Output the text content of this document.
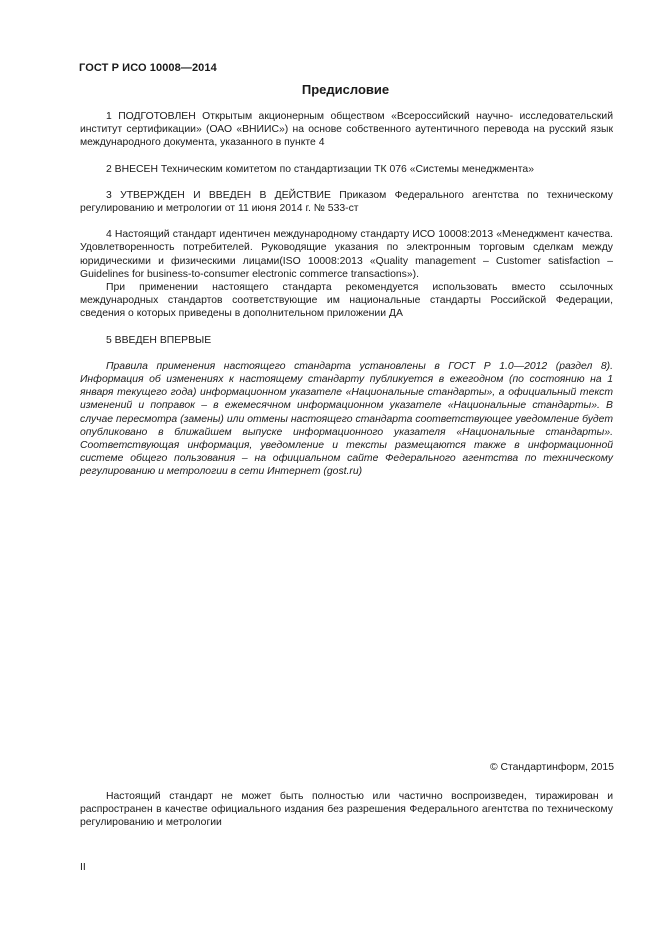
ГОСТ Р ИСО 10008—2014
Предисловие

1 ПОДГОТОВЛЕН Открытым акционерным обществом «Всероссийский научно- исследовательский институт сертификации» (ОАО «ВНИИС») на основе собственного аутентичного перевода на русский язык международного документа, указанного в пункте 4

2 ВНЕСЕН Техническим комитетом по стандартизации ТК 076 «Системы менеджмента»

3 УТВЕРЖДЕН И ВВЕДЕН В ДЕЙСТВИЕ Приказом Федерального агентства по техническому регулированию и метрологии от 11 июня 2014 г. № 533-ст

4 Настоящий стандарт идентичен международному стандарту ИСО 10008:2013 «Менеджмент качества. Удовлетворенность потребителей. Руководящие указания по электронным торговым сделкам между юридическими и физическими лицами(ISO 10008:2013 «Quality management – Customer satisfaction – Guidelines for business-to-consumer electronic commerce transactions»).

При применении настоящего стандарта рекомендуется использовать вместо ссылочных международных стандартов соответствующие им национальные стандарты Российской Федерации, сведения о которых приведены в дополнительном приложении ДА

5 ВВЕДЕН ВПЕРВЫЕ

Правила применения настоящего стандарта установлены в ГОСТ Р 1.0—2012 (раздел 8). Информация об изменениях к настоящему стандарту публикуется в ежегодном (по состоянию на 1 января текущего года) информационном указателе «Национальные стандарты», а официальный текст изменений и поправок – в ежемесячном информационном указателе «Национальные стандарты». В случае пересмотра (замены) или отмены настоящего стандарта соответствующее уведомление будет опубликовано в ближайшем выпуске информационного указателя «Национальные стандарты». Соответствующая информация, уведомление и тексты размещаются также в информационной системе общего пользования – на официальном сайте Федерального агентства по техническому регулированию и метрологии в сети Интернет (gost.ru)

© Стандартинформ, 2015

Настоящий стандарт не может быть полностью или частично воспроизведен, тиражирован и распространен в качестве официального издания без разрешения Федерального агентства по техническому регулированию и метрологии

II
